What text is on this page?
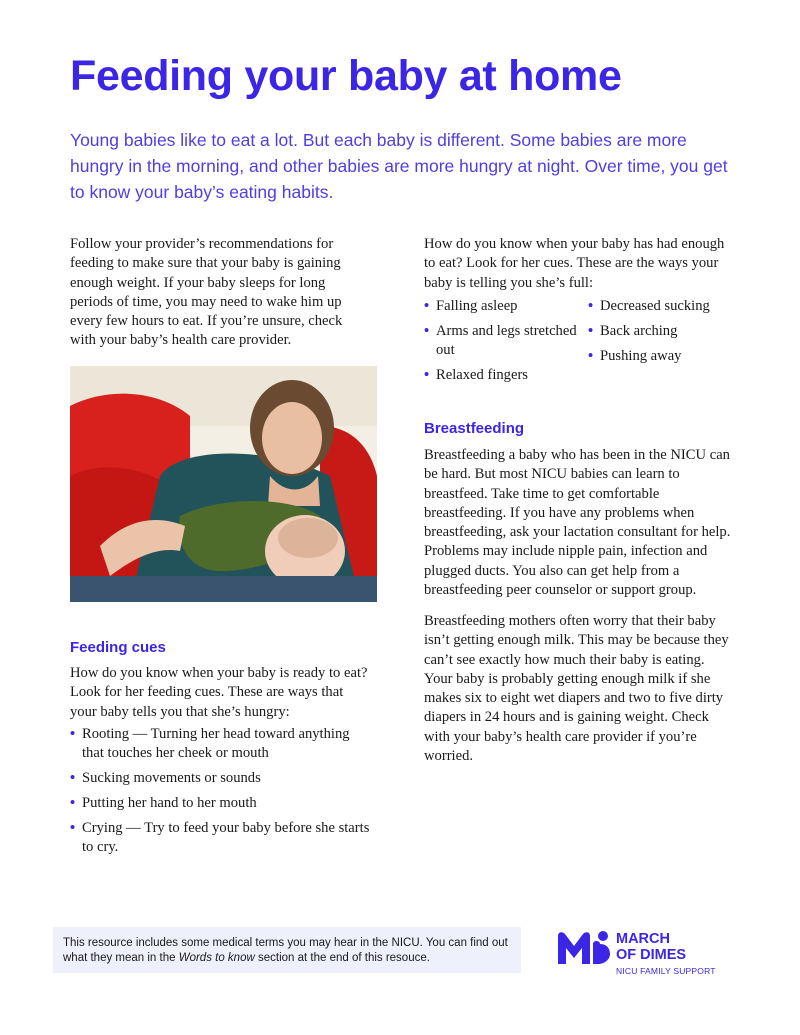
Feeding your baby at home

Young babies like to eat a lot. But each baby is different. Some babies are more hungry in the morning, and other babies are more hungry at night. Over time, you get to know your baby’s eating habits.

Follow your provider’s recommendations for feeding to make sure that your baby is gaining enough weight. If your baby sleeps for long periods of time, you may need to wake him up every few hours to eat. If you’re unsure, check with your baby’s health care provider.

Feeding cues

How do you know when your baby is ready to eat? Look for her feeding cues. These are ways that your baby tells you that she’s hungry:

• Rooting — Turning her head toward anything that touches her cheek or mouth
• Sucking movements or sounds
• Putting her hand to her mouth
• Crying — Try to feed your baby before she starts to cry.

How do you know when your baby has had enough to eat? Look for her cues. These are the ways your baby is telling you she’s full:

• Falling asleep
• Arms and legs stretched out
• Relaxed fingers
• Decreased sucking
• Back arching
• Pushing away
Breastfeeding

Breastfeeding a baby who has been in the NICU can be hard. But most NICU babies can learn to breastfeed. Take time to get comfortable breastfeeding. If you have any problems when breastfeeding, ask your lactation consultant for help. Problems may include nipple pain, infection and plugged ducts. You also can get help from a breastfeeding peer counselor or support group.

Breastfeeding mothers often worry that their baby isn’t getting enough milk. This may be because they can’t see exactly how much their baby is eating. Your baby is probably getting enough milk if she makes six to eight wet diapers and two to five dirty diapers in 24 hours and is gaining weight. Check with your baby’s health care provider if you’re worried.

This resource includes some medical terms you may hear in the NICU. You can find out what they mean in the Words to know section at the end of this resouce.
MARCH
OF DIMES
NICU FAMILY SUPPORT
